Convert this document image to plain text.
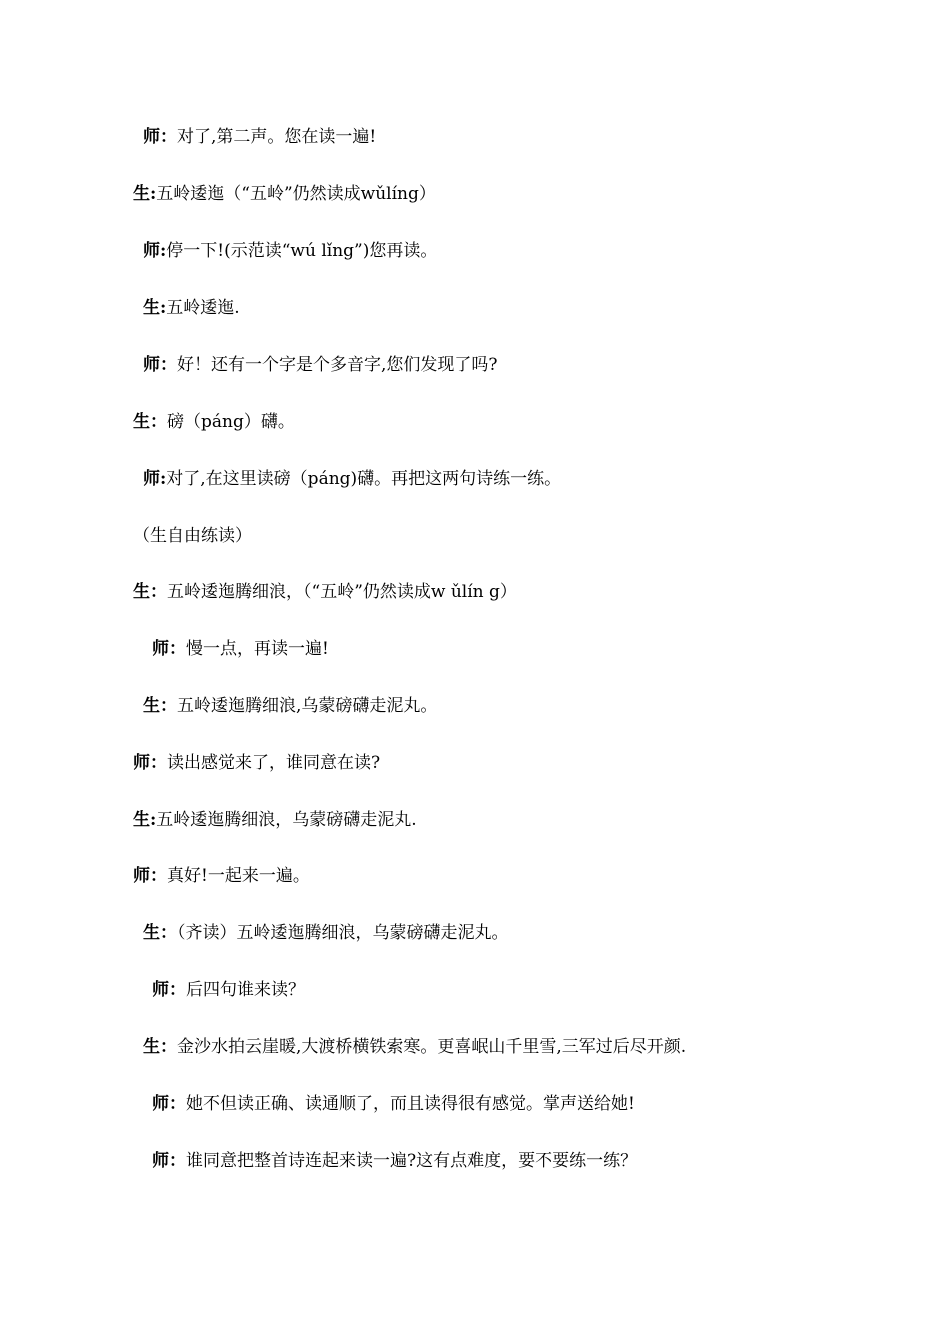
师：对了,第二声。您在读一遍!
生:五岭逶迤（“五岭”仍然读成wǔlíng）
师:停一下!(示范读“wú lǐng”)您再读。
生:五岭逶迤.
师：好！还有一个字是个多音字,您们发现了吗?
生：磅（páng）礴。
师:对了,在这里读磅（páng)礴。再把这两句诗练一练。
（生自由练读）
生：五岭逶迤腾细浪，（“五岭”仍然读成w ǔlín g）
师：慢一点，再读一遍!
生：五岭逶迤腾细浪,乌蒙磅礴走泥丸。
师：读出感觉来了，谁同意在读?
生:五岭逶迤腾细浪，乌蒙磅礴走泥丸.
师：真好!一起来一遍。
生：（齐读）五岭逶迤腾细浪，乌蒙磅礴走泥丸。
师：后四句谁来读？
生：金沙水拍云崖暖,大渡桥横铁索寒。更喜岷山千里雪,三军过后尽开颜.
师：她不但读正确、读通顺了，而且读得很有感觉。掌声送给她!
师：谁同意把整首诗连起来读一遍?这有点难度，要不要练一练？
